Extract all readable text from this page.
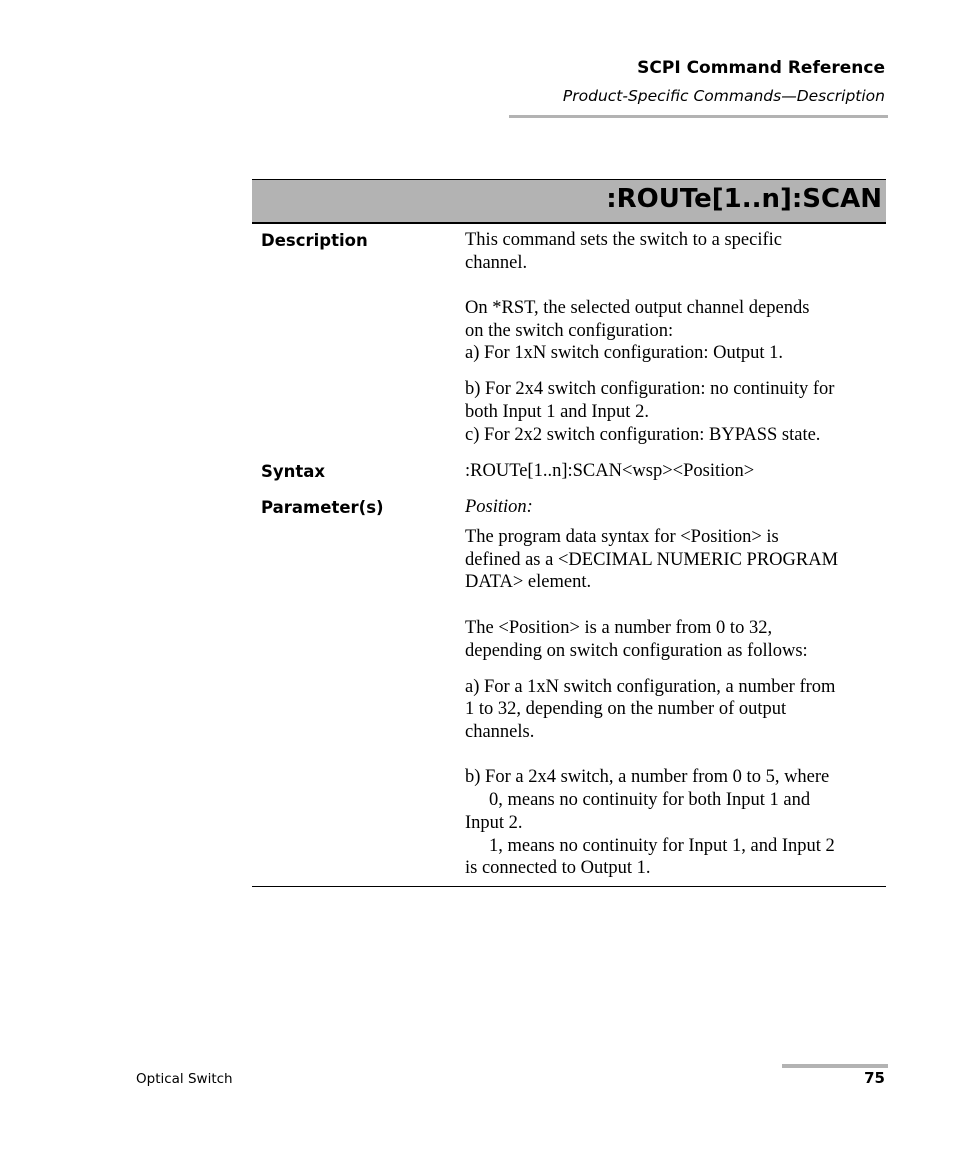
SCPI Command Reference
Product-Specific Commands—Description
:ROUTe[1..n]:SCAN
Description	This command sets the switch to a specific
channel.
On *RST, the selected output channel depends
on the switch configuration:
a) For 1xN switch configuration: Output 1.
b) For 2x4 switch configuration: no continuity for
both Input 1 and Input 2.
c) For 2x2 switch configuration: BYPASS state.
Syntax	:ROUTe[1..n]:SCAN<wsp><Position>
Parameter(s)	Position:
The program data syntax for <Position> is
defined as a <DECIMAL NUMERIC PROGRAM
DATA> element.
The <Position> is a number from 0 to 32,
depending on switch configuration as follows:
a) For a 1xN switch configuration, a number from
1 to 32, depending on the number of output
channels.
b) For a 2x4 switch, a number from 0 to 5, where
0, means no continuity for both Input 1 and
Input 2.
1, means no continuity for Input 1, and Input 2
is connected to Output 1.
Optical Switch	75
